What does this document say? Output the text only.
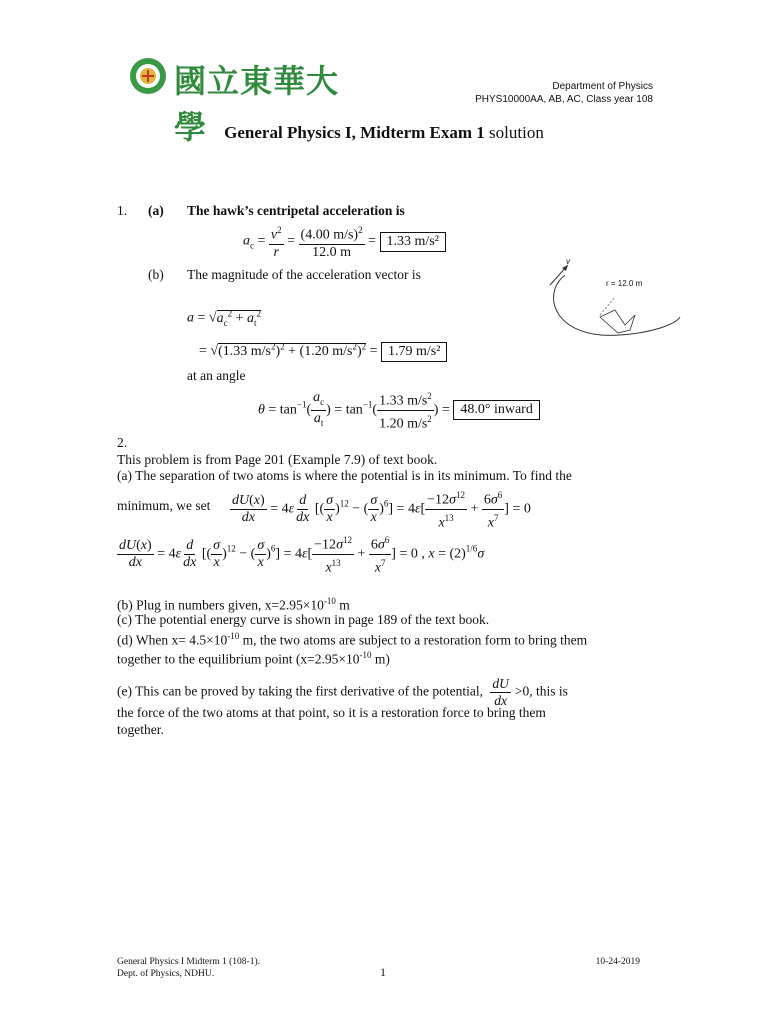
國立東華大學
Department of Physics
PHYS10000AA, AB, AC, Class year 108
General Physics I, Midterm Exam 1 solution
1. (a) The hawk’s centripetal acceleration is
$a_c = \frac{v^2}{r} = \frac{(4.00 m/s)^2}{12.0 m} = 1.33$ m/s²
(b) The magnitude of the acceleration vector is
$a = √a_c^2 + a_t^2$
= √(1.33 $m/s^2)^2 + (1.20$ $m/s^2)^2 = 1.79$ m/s²
at an angle
$\theta = \tan^{-1}( \frac{a_c}{a_t}$ ) = $\tan^{-1}( \frac{1.33 m/s^2}{1.20 m/s^2}$ ) = 48.0° inward
v
r = 12.0 m
2.
This problem is from Page 201 (Example 7.9) of text book.
(a) The separation of two atoms is where the potential is in its minimum. To find the
minimum, we set $\frac{dU(x)}{dx} = 4\varepsilon \frac{d}{dx}$ [( $\frac{\sigma}{x} )^{12}$ − ( $\frac{\sigma}{x} )^6] = 4\varepsilon[ \frac{-12\sigma^{12}}{x^{13}} + \frac{6\sigma^6}{x^7}$ ] = 0
$\frac{dU(x)}{dx} = 4\varepsilon \frac{d}{dx}$ [( $\frac{\sigma}{x} )^{12}$ − ( $\frac{\sigma}{x} )^6] = 4\varepsilon[ \frac{-12\sigma^{12}}{x^{13}} + \frac{6\sigma^6}{x^7}$ ] = 0 , $x = (2)^{1/6}\sigma$
(b) Plug in numbers given, $x=2.95\times 10^{-10}$ m
(c) The potential energy curve is shown in page 189 of the text book.
(d) When $x= 4.5\times 10^{-10}$ m, the two atoms are subject to a restoration form to bring them
together to the equilibrium point ($x=2.95\times 10^{-10}$ m)
(e) This can be proved by taking the first derivative of the potential, $\frac{dU}{dx} >0$, this is
the force of the two atoms at that point, so it is a restoration force to bring them
together.
General Physics I Midterm 1 (108-1).
Dept. of Physics, NDHU.	1
10-24-2019
